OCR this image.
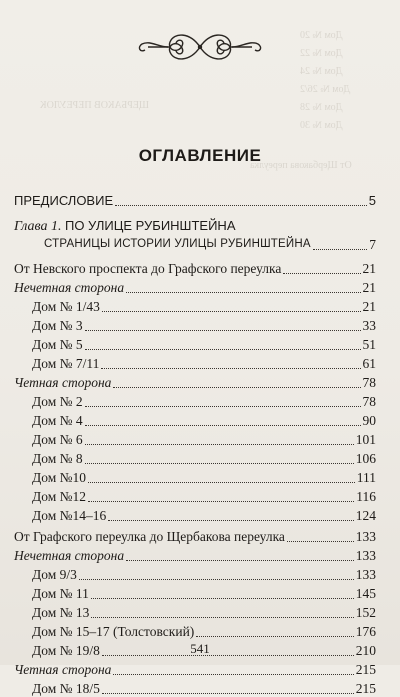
Дом № 20
Дом № 22
Дом № 24
Дом № 26/2
Дом № 28
Дом № 30
ЩЕРБАКОВ ПЕРЕУЛОК
От Щербакова переулка
ОГЛАВЛЕНИЕ
ПРЕДИСЛОВИЕ	5
Глава 1. ПО УЛИЦЕ РУБИНШТЕЙНА
СТРАНИЦЫ ИСТОРИИ УЛИЦЫ РУБИНШТЕЙНА	7
От Невского проспекта до Графского переулка	21
Нечетная сторона	21
Дом № 1/43	21
Дом № 3	33
Дом № 5	51
Дом № 7/11	61
Четная сторона	78
Дом № 2	78
Дом № 4	90
Дом № 6	101
Дом № 8	106
Дом №10	111
Дом №12	116
Дом №14–16	124
От Графского переулка до Щербакова переулка	133
Нечетная сторона	133
Дом 9/3	133
Дом № 11	145
Дом № 13	152
Дом № 15–17 (Толстовский)	176
Дом № 19/8	210
Четная сторона	215
Дом № 18/5	215
541
